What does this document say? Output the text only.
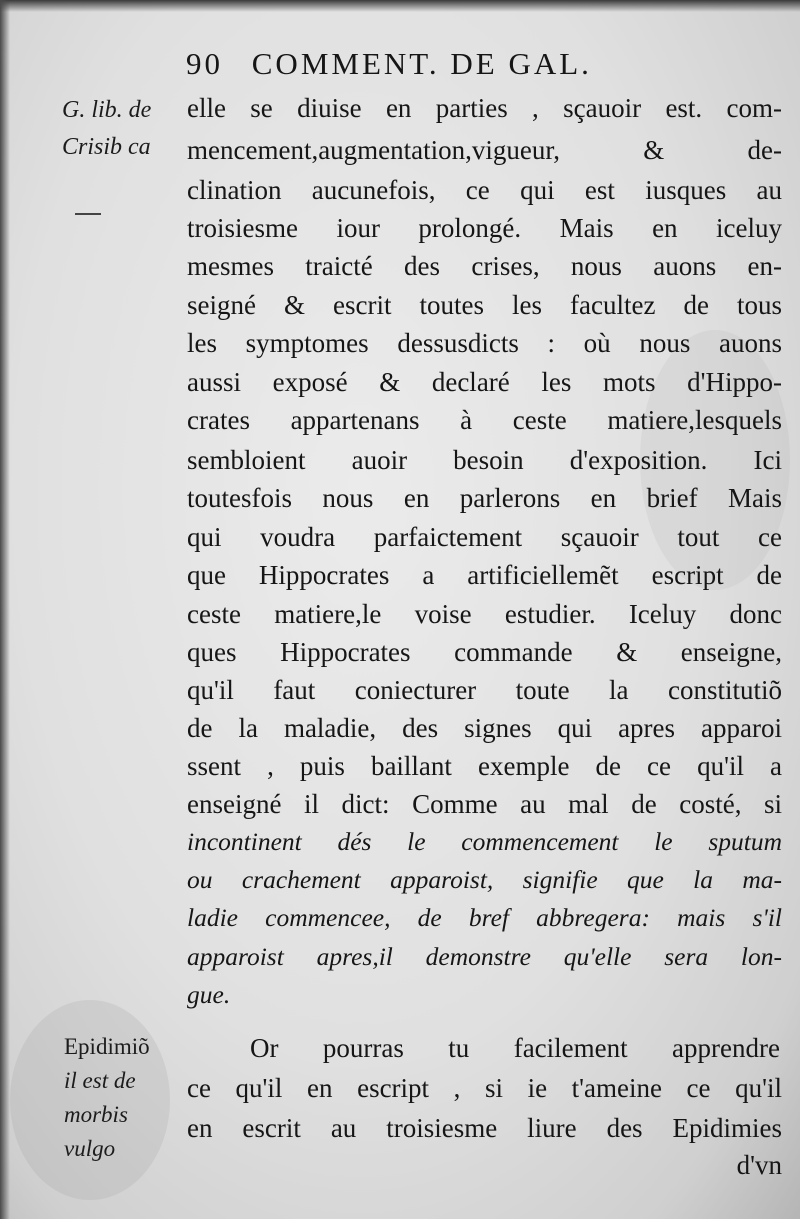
90 COMMENT. DE GAL.
G. lib. de
Crisib ca
Epidimiõ
il est de
morbis
vulgo
elle se diuise en parties , sçauoir est. com-
mencement,augmentation,vigueur, & de-
clination aucunefois, ce qui est iusques au
troisiesme iour prolongé. Mais en iceluy
mesmes traicté des crises, nous auons en-
seigné & escrit toutes les facultez de tous
les symptomes dessusdicts : où nous auons
aussi exposé & declaré les mots d'Hippo-
crates appartenans à ceste matiere,lesquels
sembloient auoir besoin d'exposition. Ici
toutesfois nous en parlerons en brief Mais
qui voudra parfaictement sçauoir tout ce
que Hippocrates a artificiellemẽt escript de
ceste matiere,le voise estudier. Iceluy donc
ques Hippocrates commande & enseigne,
qu'il faut coniecturer toute la constitutiõ
de la maladie, des signes qui apres apparoi
ssent , puis baillant exemple de ce qu'il a
enseigné il dict: Comme au mal de costé, si
incontinent dés le commencement le sputum
ou crachement apparoist, signifie que la ma-
ladie commencee, de bref abbregera: mais s'il
apparoist apres,il demonstre qu'elle sera lon-
gue.
Or pourras tu facilement apprendre
ce qu'il en escript , si ie t'ameine ce qu'il
en escrit au troisiesme liure des Epidimies
d'vn
